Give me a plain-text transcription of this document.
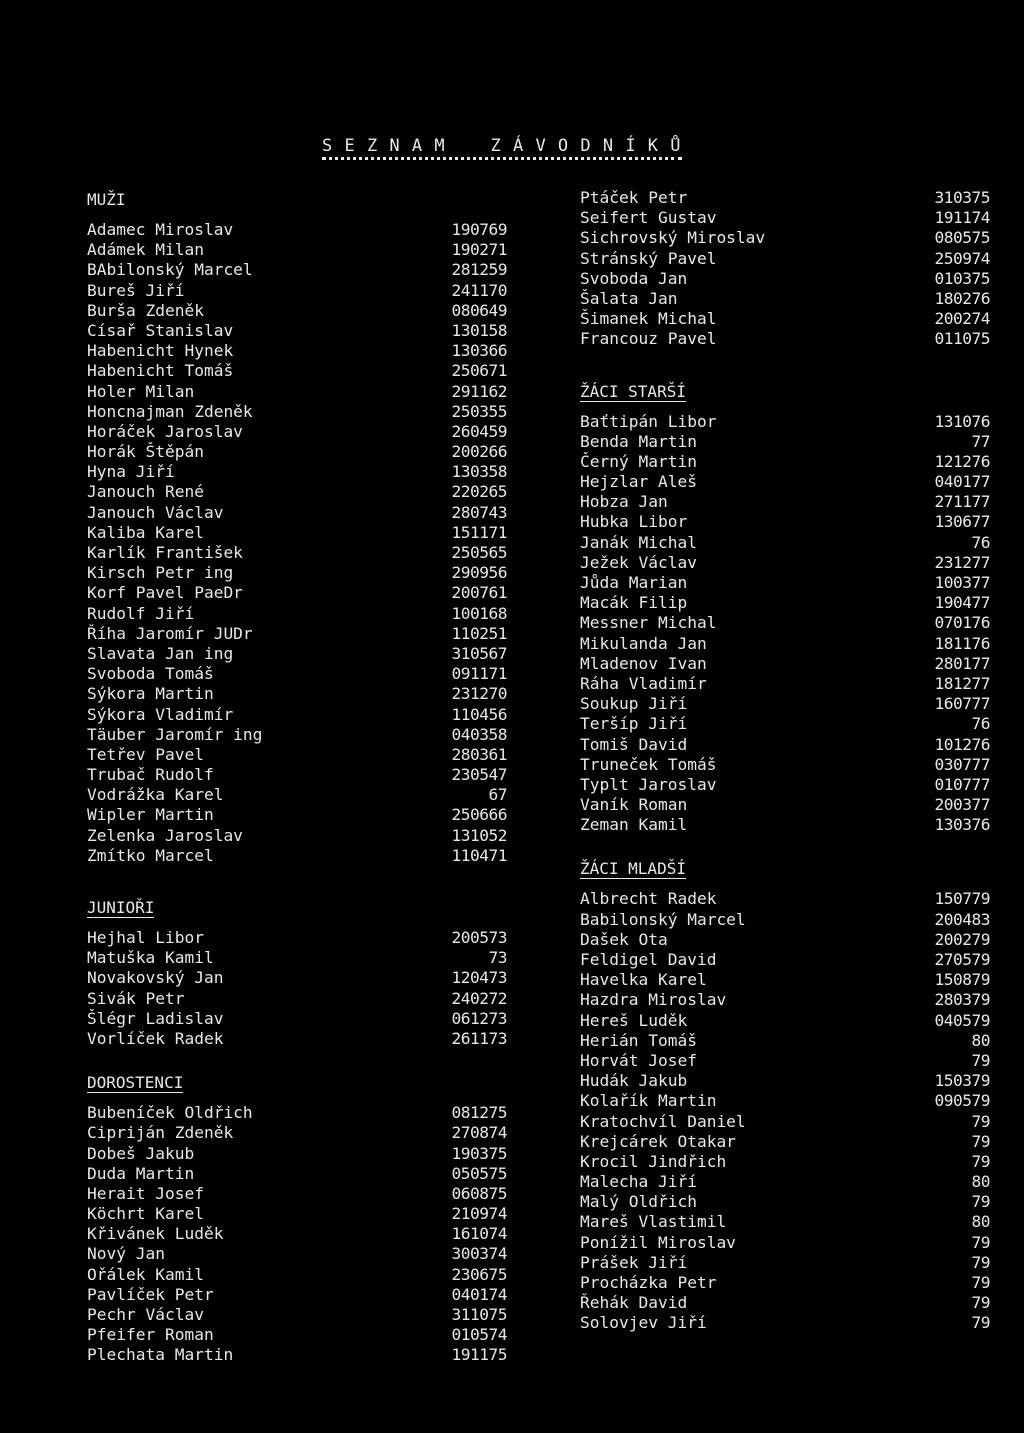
S E Z N A M    Z Á V O D N Í K Ů
MUŽI
Adamec Miroslav	190769
Adámek Milan	190271
BAbilonský Marcel	281259
Bureš Jiří	241170
Burša Zdeněk	080649
Císař Stanislav	130158
Habenicht Hynek	130366
Habenicht Tomáš	250671
Holer Milan	291162
Honcnajman Zdeněk	250355
Horáček Jaroslav	260459
Horák Štěpán	200266
Hyna Jiří	130358
Janouch René	220265
Janouch Václav	280743
Kaliba Karel	151171
Karlík František	250565
Kirsch Petr ing	290956
Korf Pavel PaeDr	200761
Rudolf Jiří	100168
Říha Jaromír JUDr	110251
Slavata Jan ing	310567
Svoboda Tomáš	091171
Sýkora Martin	231270
Sýkora Vladimír	110456
Täuber Jaromír ing	040358
Tetřev Pavel	280361
Trubač Rudolf	230547
Vodrážka Karel	67
Wipler Martin	250666
Zelenka Jaroslav	131052
Zmítko Marcel	110471
JUNIOŘI
Hejhal Libor	200573
Matuška Kamil	73
Novakovský Jan	120473
Sivák Petr	240272
Šlégr Ladislav	061273
Vorlíček Radek	261173
DOROSTENCI
Bubeníček Oldřich	081275
Cipriján Zdeněk	270874
Dobeš Jakub	190375
Duda Martin	050575
Herait Josef	060875
Köchrt Karel	210974
Křivánek Luděk	161074
Nový Jan	300374
Ořálek Kamil	230675
Pavlíček Petr	040174
Pechr Václav	311075
Pfeifer Roman	010574
Plechata Martin	191175
Ptáček Petr	310375
Seifert Gustav	191174
Sichrovský Miroslav	080575
Stránský Pavel	250974
Svoboda Jan	010375
Šalata Jan	180276
Šimanek Michal	200274
Francouz Pavel	011075
ŽÁCI STARŠÍ
Baťtipán Libor	131076
Benda Martin	77
Černý Martin	121276
Hejzlar Aleš	040177
Hobza Jan	271177
Hubka Libor	130677
Janák Michal	76
Ježek Václav	231277
Jůda Marian	100377
Macák Filip	190477
Messner Michal	070176
Mikulanda Jan	181176
Mladenov Ivan	280177
Ráha Vladimír	181277
Soukup Jiří	160777
Teršíp Jiří	76
Tomiš David	101276
Truneček Tomáš	030777
Typlt Jaroslav	010777
Vaník Roman	200377
Zeman Kamil	130376
ŽÁCI MLADŠÍ
Albrecht Radek	150779
Babilonský Marcel	200483
Dašek Ota	200279
Feldigel David	270579
Havelka Karel	150879
Hazdra Miroslav	280379
Hereš Luděk	040579
Herián Tomáš	80
Horvát Josef	79
Hudák Jakub	150379
Kolařík Martin	090579
Kratochvíl Daniel	79
Krejcárek Otakar	79
Krocil Jindřich	79
Malecha Jiří	80
Malý Oldřich	79
Mareš Vlastimil	80
Ponížil Miroslav	79
Prášek Jiří	79
Procházka Petr	79
Řehák David	79
Solovjev Jiří	79
